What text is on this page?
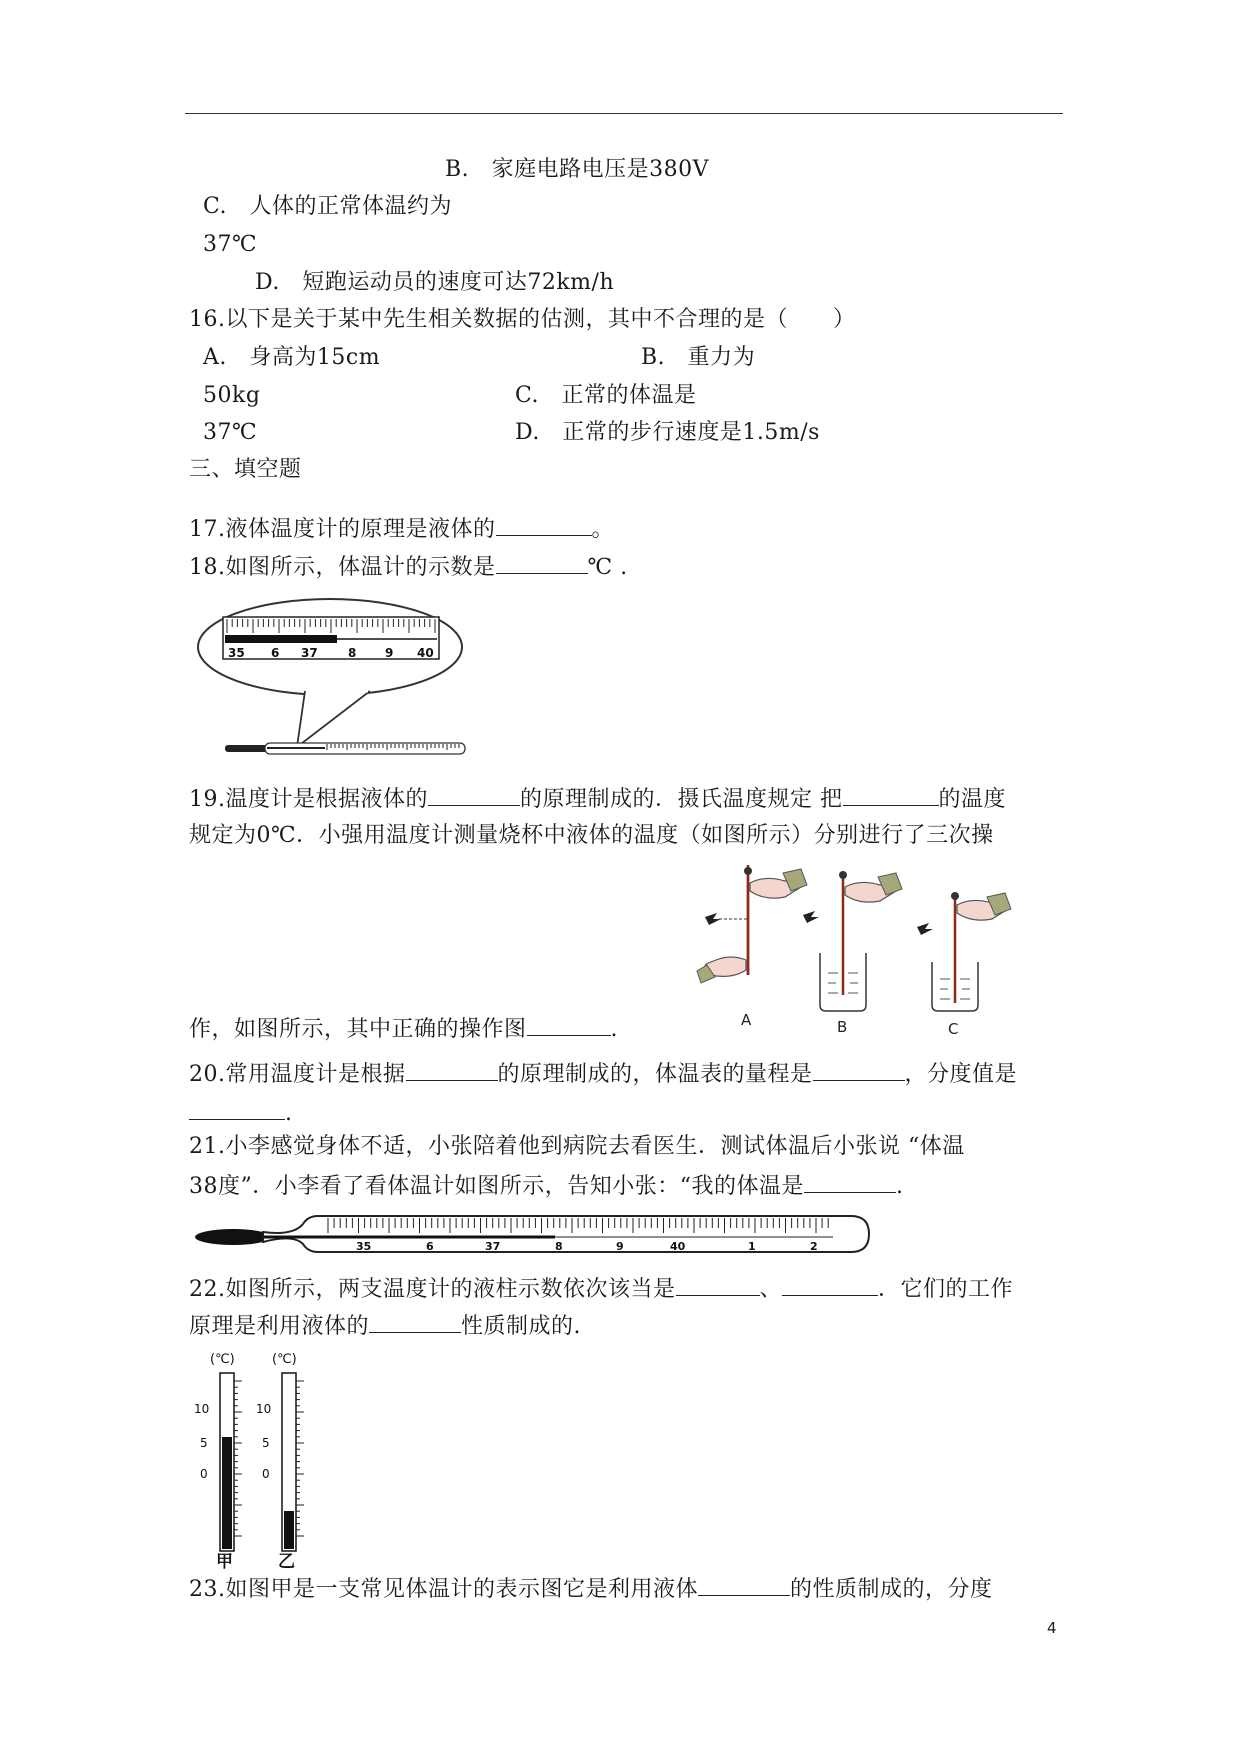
B. 家庭电路电压是380V
C. 人体的正常体温约为
37℃
D. 短跑运动员的速度可达72km/h
16.以下是关于某中先生相关数据的估测，其中不合理的是（　　）
A. 身高为15cm	B. 重力为
50kg	C. 正常的体温是
37℃	D. 正常的步行速度是1.5m/s
三、填空题
17.液体温度计的原理是液体的	。
18.如图所示，体温计的示数是	℃ .
35 6 37	8 9 40
19.温度计是根据液体的	的原理制成的．摄氏温度规定 把	的温度
规定为0℃．小强用温度计测量烧杯中液体的温度（如图所示）分别进行了三次操
A	B	C
作，如图所示，其中正确的操作图	.
20.常用温度计是根据	的原理制成的，体温表的量程是	，分度值是
.
21.小李感觉身体不适，小张陪着他到病院去看医生．测试体温后小张说 “体温
38度”．小李看了看体温计如图所示，告知小张：“我的体温是	.
35	6	37	8	9	40	1	2
22.如图所示，两支温度计的液柱示数依次该当是	、	．它们的工作
原理是利用液体的	性质制成的.
(℃)	(℃)
10
5
0
10
5
0
甲	乙
23.如图甲是一支常见体温计的表示图它是利用液体	的性质制成的，分度
4
